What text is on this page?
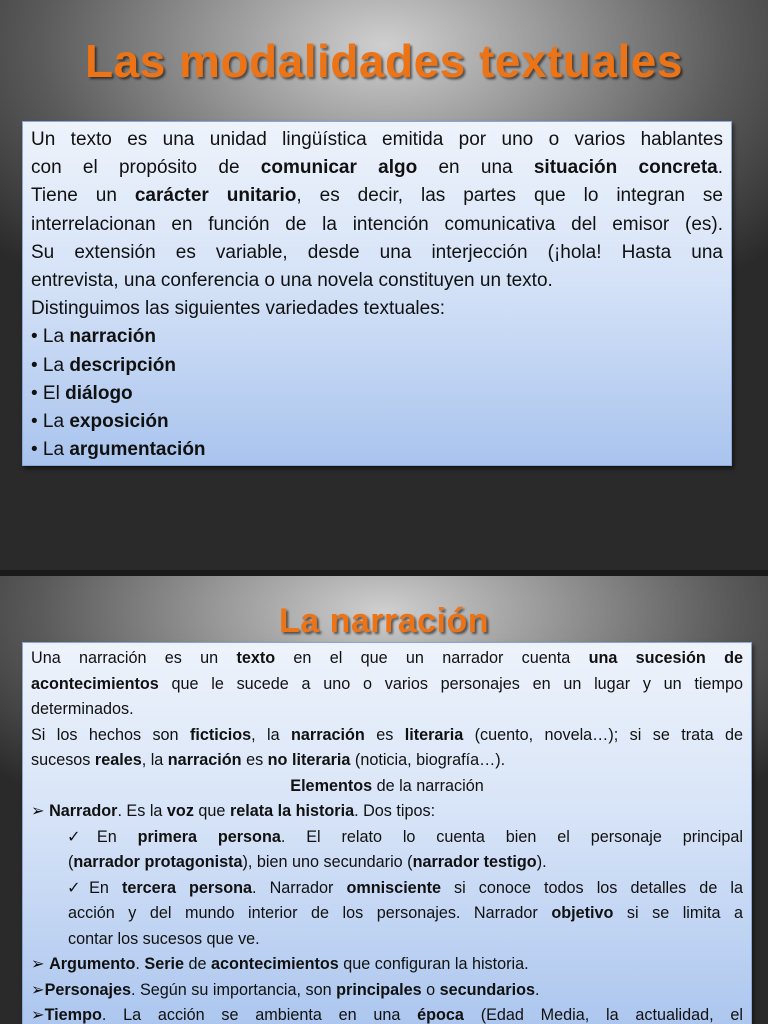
Las modalidades textuales
Un texto es una unidad lingüística emitida por uno o varios hablantes
con el propósito de comunicar algo en una situación concreta.
Tiene un carácter unitario, es decir, las partes que lo integran se
interrelacionan en función de la intención comunicativa del emisor (es).
Su extensión es variable, desde una interjección (¡hola! Hasta una
entrevista, una conferencia o una novela constituyen un texto.
Distinguimos las siguientes variedades textuales:
• La narración
• La descripción
• El diálogo
• La exposición
• La argumentación
La narración
Una narración es un texto en el que un narrador cuenta una sucesión de
acontecimientos que le sucede a uno o varios personajes en un lugar y un tiempo
determinados.
Si los hechos son ficticios, la narración es literaria (cuento, novela…); si se trata de
sucesos reales, la narración es no literaria (noticia, biografía…).
Elementos de la narración
➢ Narrador. Es la voz que relata la historia. Dos tipos:
✓En primera persona. El relato lo cuenta bien el personaje principal
(narrador protagonista), bien uno secundario (narrador testigo).
✓En tercera persona. Narrador omnisciente si conoce todos los detalles de la
acción y del mundo interior de los personajes. Narrador objetivo si se limita a
contar los sucesos que ve.
➢ Argumento. Serie de acontecimientos que configuran la historia.
➢Personajes. Según su importancia, son principales o secundarios.
➢Tiempo. La acción se ambienta en una época (Edad Media, la actualidad, el
